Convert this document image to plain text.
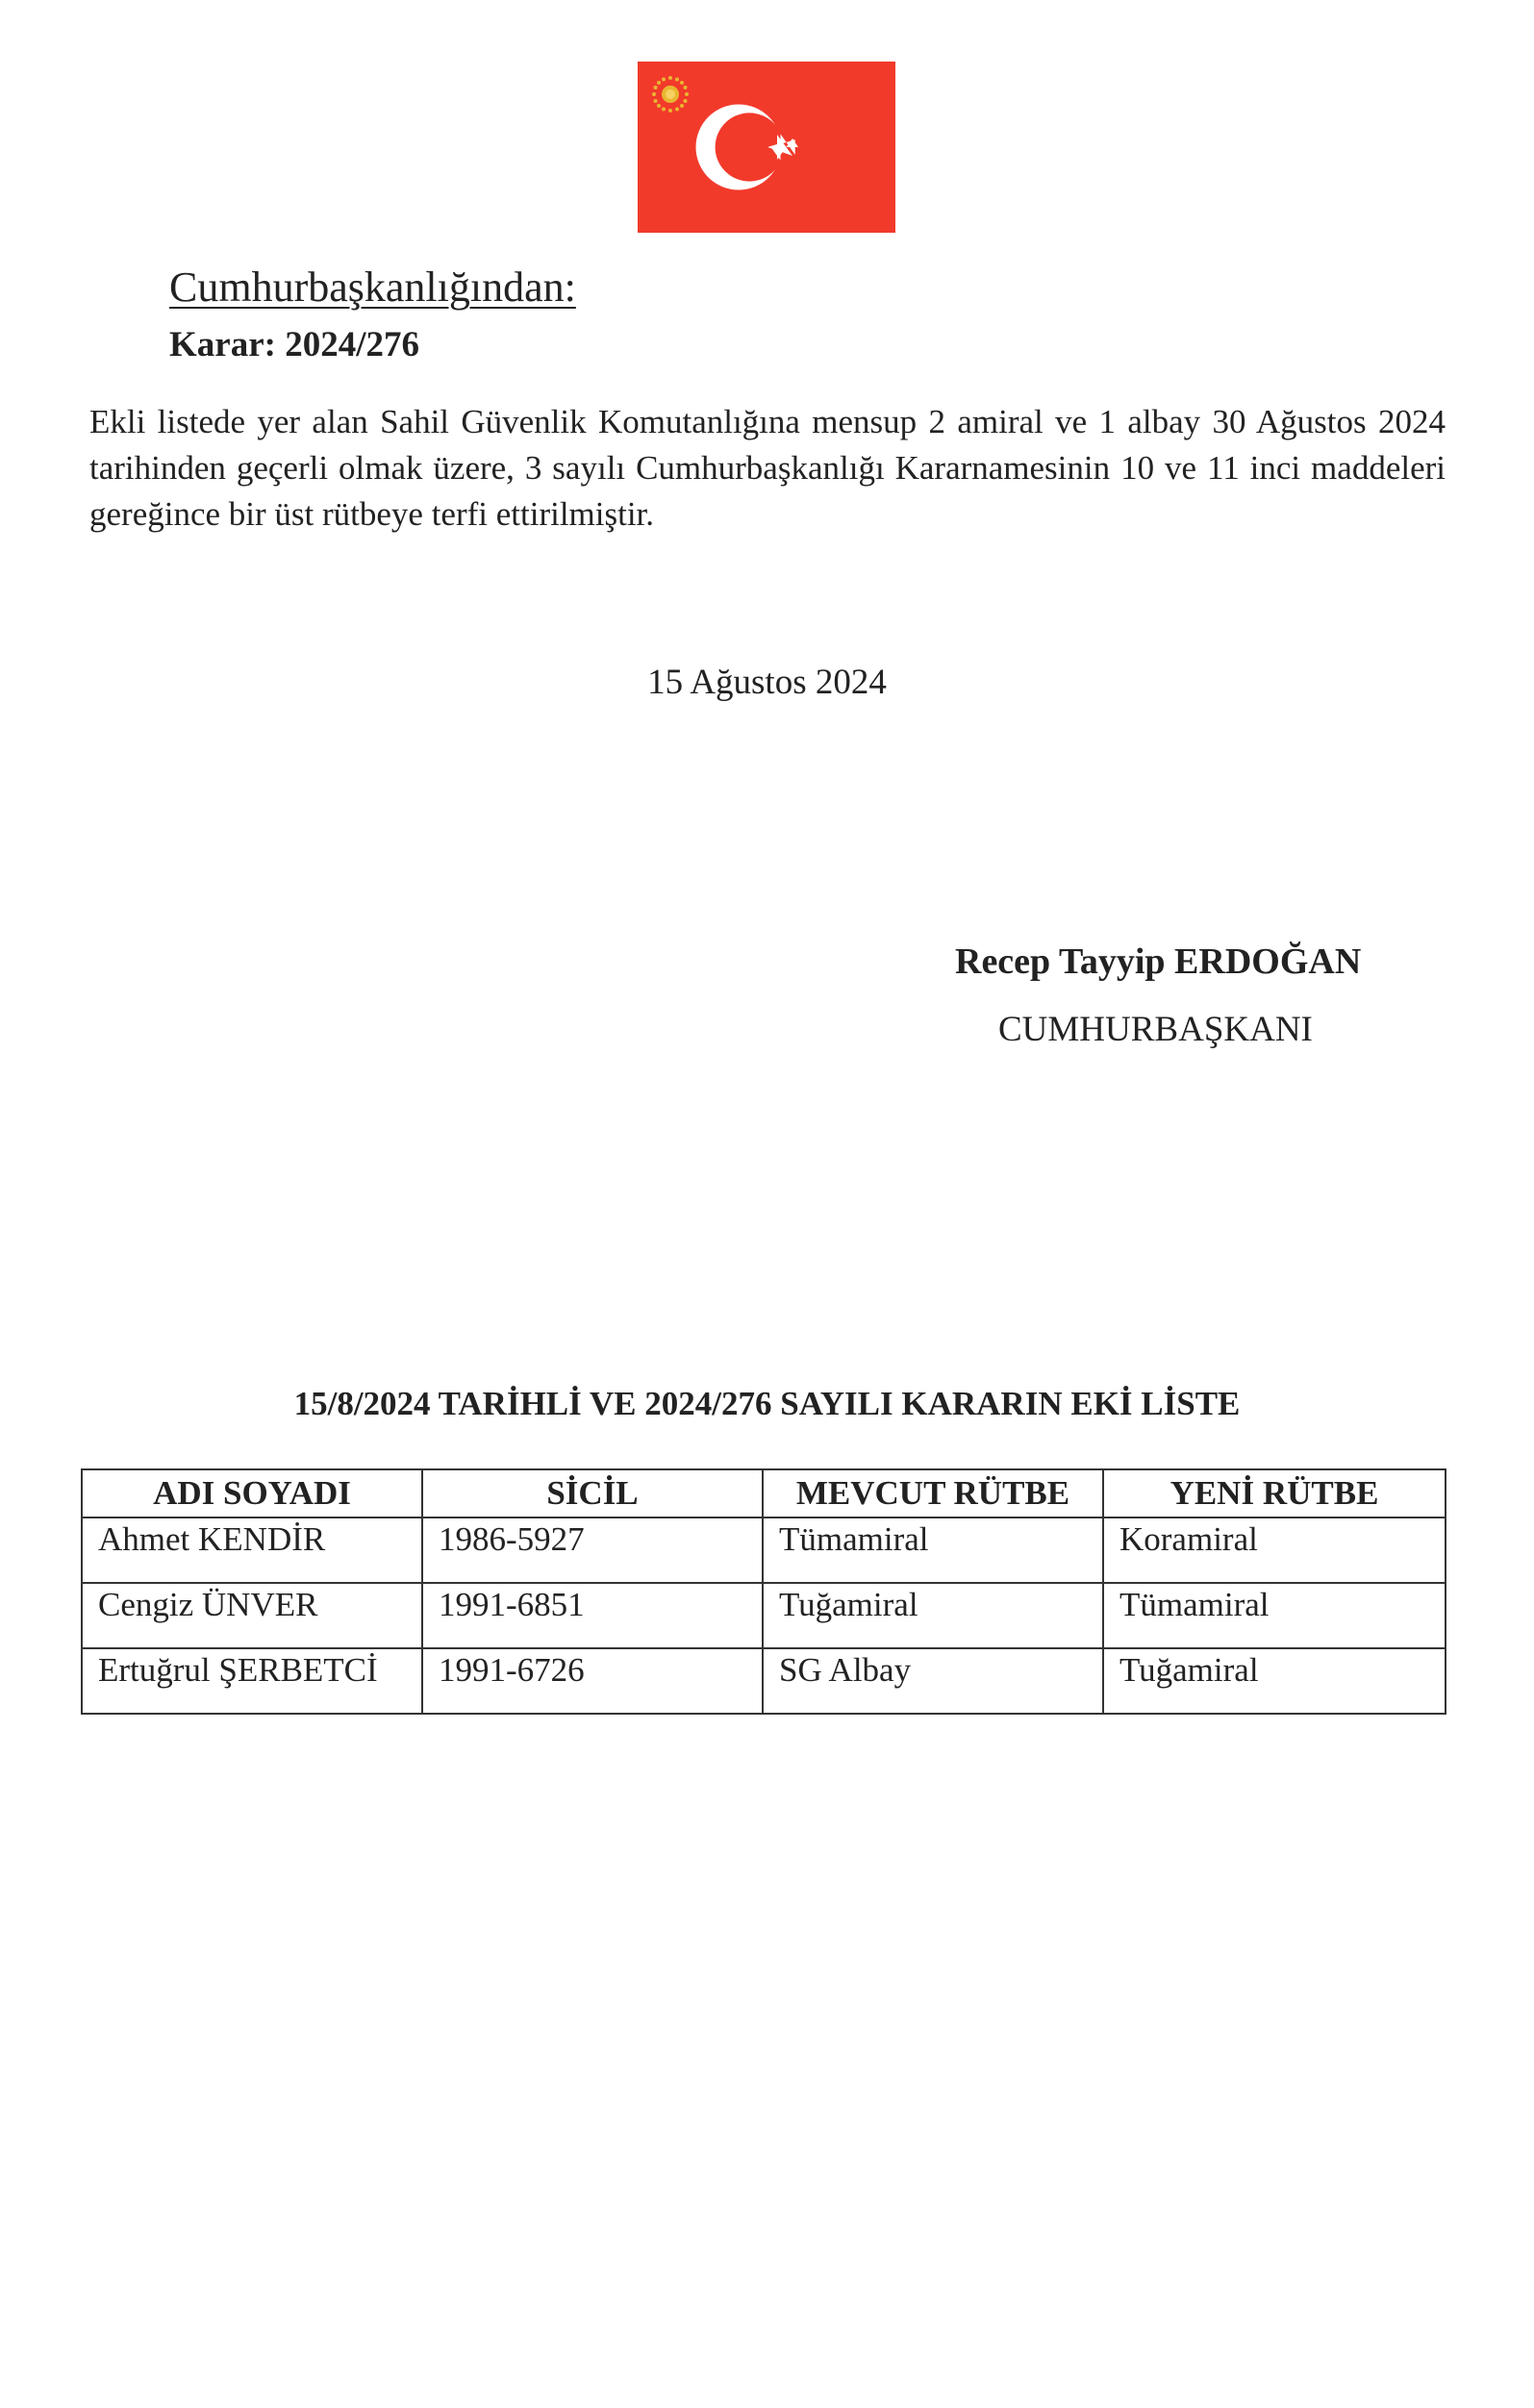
Cumhurbaşkanlığından:
Karar: 2024/276
Ekli listede yer alan Sahil Güvenlik Komutanlığına mensup 2 amiral ve 1 albay 30 Ağustos 2024 tarihinden geçerli olmak üzere, 3 sayılı Cumhurbaşkanlığı Kararnamesinin 10 ve 11 inci maddeleri gereğince bir üst rütbeye terfi ettirilmiştir.
15 Ağustos 2024
Recep Tayyip ERDOĞAN
CUMHURBAŞKANI
15/8/2024 TARİHLİ VE 2024/276 SAYILI KARARIN EKİ LİSTE
ADI SOYADI	SİCİL	MEVCUT RÜTBE	YENİ RÜTBE
Ahmet KENDİR	1986-5927	Tümamiral	Koramiral
Cengiz ÜNVER	1991-6851	Tuğamiral	Tümamiral
Ertuğrul ŞERBETCİ	1991-6726	SG Albay	Tuğamiral
